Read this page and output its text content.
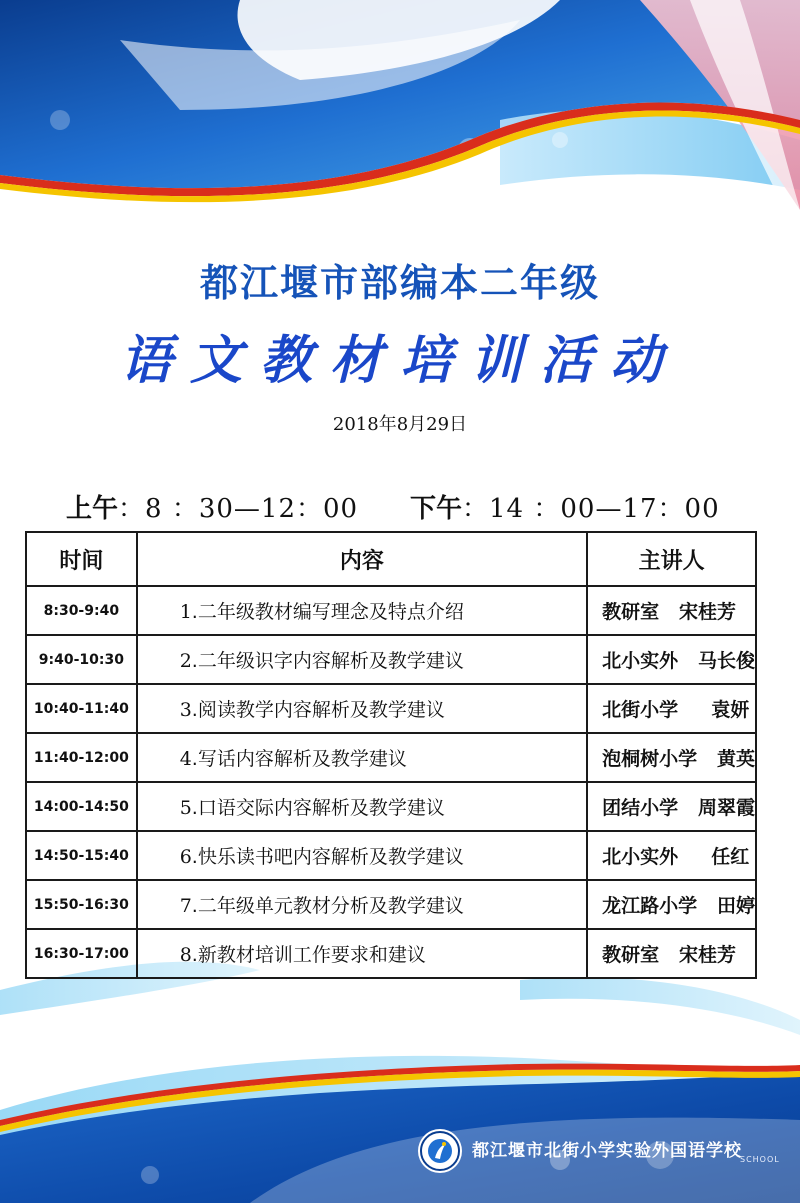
都江堰市部编本二年级
语文教材培训活动
2018年8月29日
上午：8 ：30—12：00 下午：14 ：00—17：00
时间	内容	主讲人
8:30-9:40	1.二年级教材编写理念及特点介绍	教研室   宋桂芳
9:40-10:30	2.二年级识字内容解析及教学建议	北小实外   马长俊
10:40-11:40	3.阅读教学内容解析及教学建议	北街小学     袁妍
11:40-12:00	4.写话内容解析及教学建议	泡桐树小学   黄英
14:00-14:50	5.口语交际内容解析及教学建议	团结小学   周翠霞
14:50-15:40	6.快乐读书吧内容解析及教学建议	北小实外     任红
15:50-16:30	7.二年级单元教材分析及教学建议	龙江路小学   田婷
16:30-17:00	8.新教材培训工作要求和建议	教研室   宋桂芳
都江堰市北街小学实验外国语学校
SCHOOL
